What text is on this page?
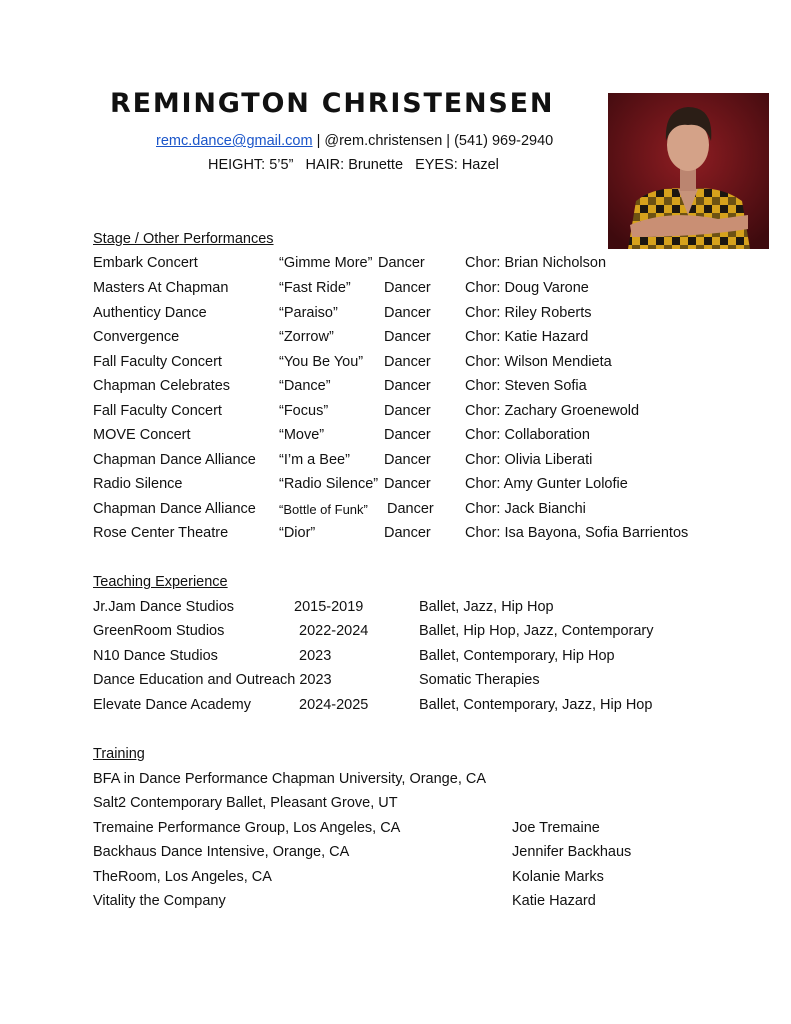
REMINGTON CHRISTENSEN
remc.dance@gmail.com | @rem.christensen | (541) 969-2940
HEIGHT: 5’5”   HAIR: Brunette   EYES: Hazel
Stage / Other Performances
Embark Concert	“Gimme More” Dancer	Chor: Brian Nicholson
Masters At Chapman	“Fast Ride” Dancer Chor: Doug Varone
Authenticy Dance	“Paraiso”	Dancer Chor: Riley Roberts
Convergence	“Zorrow”	Dancer Chor: Katie Hazard
Fall Faculty Concert	“You Be You” Dancer Chor: Wilson Mendieta
Chapman Celebrates	“Dance”	Dancer Chor: Steven Sofia
Fall Faculty Concert	“Focus”	Dancer Chor: Zachary Groenewold
MOVE Concert	“Move”	Dancer Chor: Collaboration
Chapman Dance Alliance “I’m a Bee” Dancer Chor: Olivia Liberati
Radio Silence	“Radio Silence” Dancer Chor: Amy Gunter Lolofie
Chapman Dance Alliance “Bottle of Funk” Dancer Chor: Jack Bianchi
Rose Center Theatre	“Dior”	Dancer Chor: Isa Bayona, Sofia Barrientos
Teaching Experience
Jr.Jam Dance Studios	2015-2019	Ballet, Jazz, Hip Hop
GreenRoom Studios	2022-2024	Ballet, Hip Hop, Jazz, Contemporary
N10 Dance Studios	2023	Ballet, Contemporary, Hip Hop
Dance Education and Outreach 2023	Somatic Therapies
Elevate Dance Academy	2024-2025	Ballet, Contemporary, Jazz, Hip Hop
Training
BFA in Dance Performance Chapman University, Orange, CA
Salt2 Contemporary Ballet, Pleasant Grove, UT
Tremaine Performance Group, Los Angeles, CA	Joe Tremaine
Backhaus Dance Intensive, Orange, CA	Jennifer Backhaus
TheRoom, Los Angeles, CA	Kolanie Marks
Vitality the Company	Katie Hazard
